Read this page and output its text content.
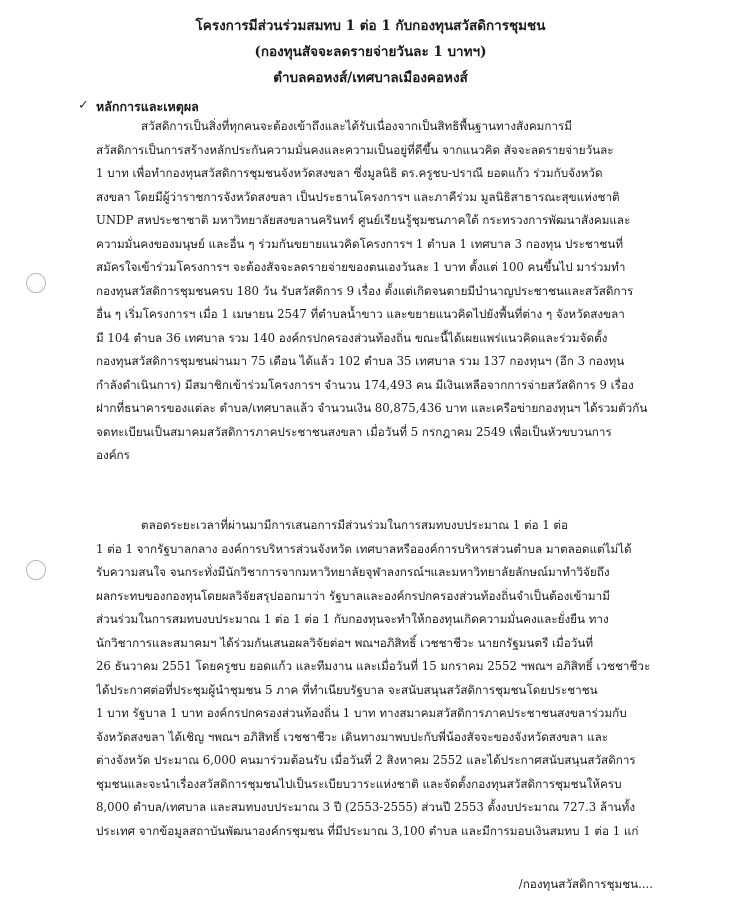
โครงการมีส่วนร่วมสมทบ 1 ต่อ 1 กับกองทุนสวัสดิการชุมชน
(กองทุนสัจจะลดรายจ่ายวันละ 1 บาทฯ)
ตำบลคอหงส์/เทศบาลเมืองคอหงส์
✓ หลักการและเหตุผล
สวัสดิการเป็นสิ่งที่ทุกคนจะต้องเข้าถึงและได้รับเนื่องจากเป็นสิทธิพื้นฐานทางสังคมการมี
สวัสดิการเป็นการสร้างหลักประกันความมั่นคงและความเป็นอยู่ที่ดีขึ้น จากแนวคิด สัจจะลดรายจ่ายวันละ
1 บาท เพื่อทำกองทุนสวัสดิการชุมชนจังหวัดสงขลา ซึ่งมูลนิธิ ดร.ครูชบ-ปราณี ยอดแก้ว ร่วมกับจังหวัด
สงขลา โดยมีผู้ว่าราชการจังหวัดสงขลา เป็นประธานโครงการฯ และภาคีร่วม มูลนิธิสาธารณะสุขแห่งชาติ
UNDP สหประชาชาติ มหาวิทยาลัยสงขลานครินทร์ ศูนย์เรียนรู้ชุมชนภาคใต้ กระทรวงการพัฒนาสังคมและ
ความมั่นคงของมนุษย์ และอื่น ๆ ร่วมกันขยายแนวคิดโครงการฯ 1 ตำบล 1 เทศบาล 3 กองทุน ประชาชนที่
สมัครใจเข้าร่วมโครงการฯ จะต้องสัจจะลดรายจ่ายของตนเองวันละ 1 บาท ตั้งแต่ 100 คนขึ้นไป มาร่วมทำ
กองทุนสวัสดิการชุมชนครบ 180 วัน รับสวัสดิการ 9 เรื่อง ตั้งแต่เกิดจนตายมีบำนาญประชาชนและสวัสดิการ
อื่น ๆ เริ่มโครงการฯ เมื่อ 1 เมษายน 2547 ที่ตำบลน้ำขาว และขยายแนวคิดไปยังพื้นที่ต่าง ๆ จังหวัดสงขลา
มี 104 ตำบล 36 เทศบาล รวม 140 องค์กรปกครองส่วนท้องถิ่น ขณะนี้ได้เผยแพร่แนวคิดและร่วมจัดตั้ง
กองทุนสวัสดิการชุมชนผ่านมา 75 เดือน ได้แล้ว 102 ตำบล 35 เทศบาล รวม 137 กองทุนฯ (อีก 3 กองทุน
กำลังดำเนินการ) มีสมาชิกเข้าร่วมโครงการฯ จำนวน 174,493 คน มีเงินเหลือจากการจ่ายสวัสดิการ 9 เรื่อง
ฝากที่ธนาคารของแต่ละ ตำบล/เทศบาลแล้ว จำนวนเงิน 80,875,436 บาท และเครือข่ายกองทุนฯ ได้รวมตัวกัน
จดทะเบียนเป็นสมาคมสวัสดิการภาคประชาชนสงขลา เมื่อวันที่ 5 กรกฎาคม 2549 เพื่อเป็นหัวขบวนการ
องค์กร
ตลอดระยะเวลาที่ผ่านมามีการเสนอการมีส่วนร่วมในการสมทบงบประมาณ 1 ต่อ 1 ต่อ
1 ต่อ 1 จากรัฐบาลกลาง องค์การบริหารส่วนจังหวัด เทศบาลหรือองค์การบริหารส่วนตำบล มาตลอดแต่ไม่ได้
รับความสนใจ จนกระทั่งมีนักวิชาการจากมหาวิทยาลัยจุฬาลงกรณ์ฯและมหาวิทยาลัยลักษณ์มาทำวิจัยถึง
ผลกระทบของกองทุนโดยผลวิจัยสรุปออกมาว่า รัฐบาลและองค์กรปกครองส่วนท้องถิ่นจำเป็นต้องเข้ามามี
ส่วนร่วมในการสมทบงบประมาณ 1 ต่อ 1 ต่อ 1 กับกองทุนจะทำให้กองทุนเกิดความมั่นคงและยั่งยืน ทาง
นักวิชาการและสมาคมฯ ได้ร่วมกันเสนอผลวิจัยต่อฯ พณฯอภิสิทธิ์ เวชชาชีวะ นายกรัฐมนตรี เมื่อวันที่
26 ธันวาคม 2551 โดยครูชบ ยอดแก้ว และทีมงาน และเมื่อวันที่ 15 มกราคม 2552 ฯพณฯ อภิสิทธิ์ เวชชาชีวะ
ได้ประกาศต่อที่ประชุมผู้นำชุมชน 5 ภาค ที่ทำเนียบรัฐบาล จะสนับสนุนสวัสดิการชุมชนโดยประชาชน
1 บาท รัฐบาล 1 บาท องค์กรปกครองส่วนท้องถิ่น 1 บาท ทางสมาคมสวัสดิการภาคประชาชนสงขลาร่วมกับ
จังหวัดสงขลา ได้เชิญ ฯพณฯ อภิสิทธิ์ เวชชาชีวะ เดินทางมาพบปะกับพี่น้องสัจจะของจังหวัดสงขลา และ
ต่างจังหวัด ประมาณ 6,000 คนมาร่วมต้อนรับ เมื่อวันที่ 2 สิงหาคม 2552 และได้ประกาศสนับสนุนสวัสดิการ
ชุมชนและจะนำเรื่องสวัสดิการชุมชนไปเป็นระเบียบวาระแห่งชาติ และจัดตั้งกองทุนสวัสดิการชุมชนให้ครบ
8,000 ตำบล/เทศบาล และสมทบงบประมาณ 3 ปี (2553-2555) ส่วนปี 2553 ตั้งงบประมาณ 727.3 ล้านทั้ง
ประเทศ จากข้อมูลสถาบันพัฒนาองค์กรชุมชน ที่มีประมาณ 3,100 ตำบล และมีการมอบเงินสมทบ 1 ต่อ 1 แก่
/กองทุนสวัสดิการชุมชน....
